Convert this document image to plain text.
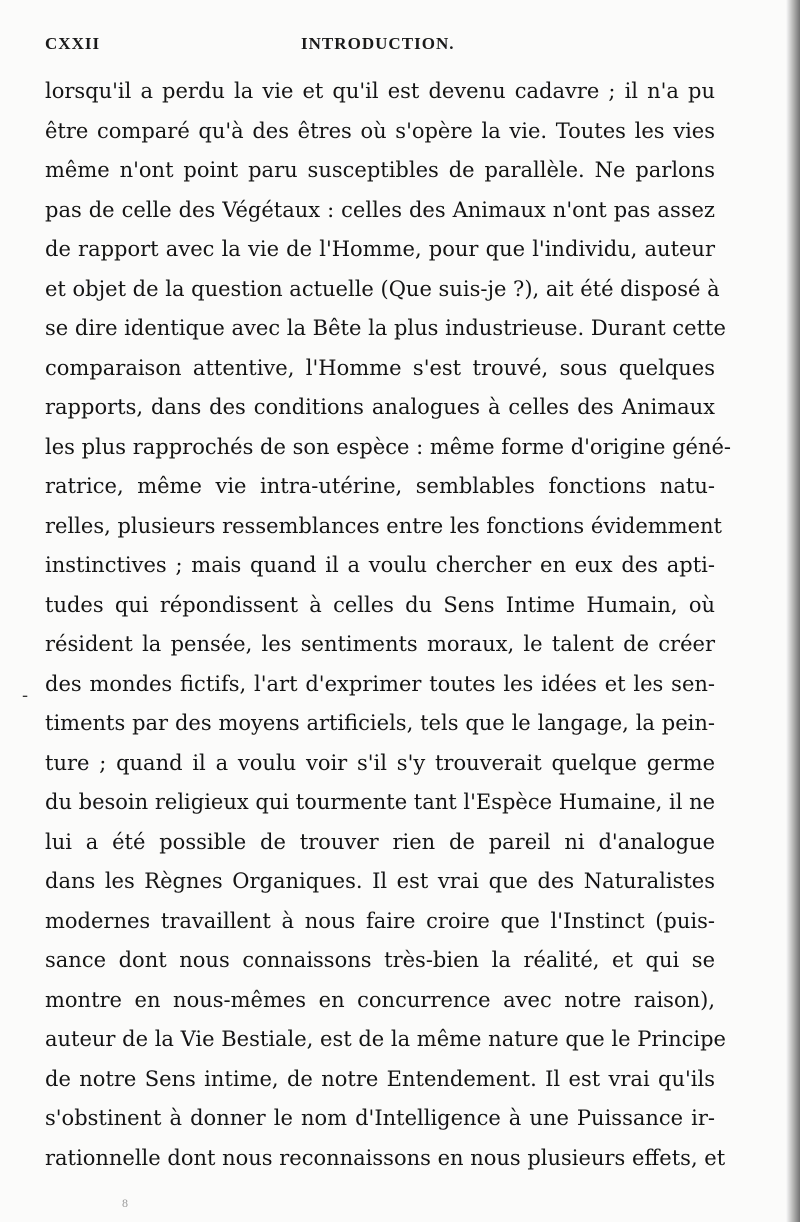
CXXII	INTRODUCTION.
lorsqu'il a perdu la vie et qu'il est devenu cadavre ; il n'a pu
être comparé qu'à des êtres où s'opère la vie. Toutes les vies
même n'ont point paru susceptibles de parallèle. Ne parlons
pas de celle des Végétaux : celles des Animaux n'ont pas assez
de rapport avec la vie de l'Homme, pour que l'individu, auteur
et objet de la question actuelle (Que suis-je ?), ait été disposé à
se dire identique avec la Bête la plus industrieuse. Durant cette
comparaison attentive, l'Homme s'est trouvé, sous quelques
rapports, dans des conditions analogues à celles des Animaux
les plus rapprochés de son espèce : même forme d'origine géné-
ratrice, même vie intra-utérine, semblables fonctions natu-
relles, plusieurs ressemblances entre les fonctions évidemment
instinctives ; mais quand il a voulu chercher en eux des apti-
tudes qui répondissent à celles du Sens Intime Humain, où
résident la pensée, les sentiments moraux, le talent de créer
des mondes fictifs, l'art d'exprimer toutes les idées et les sen-
timents par des moyens artificiels, tels que le langage, la pein-
ture ; quand il a voulu voir s'il s'y trouverait quelque germe
du besoin religieux qui tourmente tant l'Espèce Humaine, il ne
lui a été possible de trouver rien de pareil ni d'analogue
dans les Règnes Organiques. Il est vrai que des Naturalistes
modernes travaillent à nous faire croire que l'Instinct (puis-
sance dont nous connaissons très-bien la réalité, et qui se
montre en nous-mêmes en concurrence avec notre raison),
auteur de la Vie Bestiale, est de la même nature que le Principe
de notre Sens intime, de notre Entendement. Il est vrai qu'ils
s'obstinent à donner le nom d'Intelligence à une Puissance ir-
rationnelle dont nous reconnaissons en nous plusieurs effets, et
-
8
